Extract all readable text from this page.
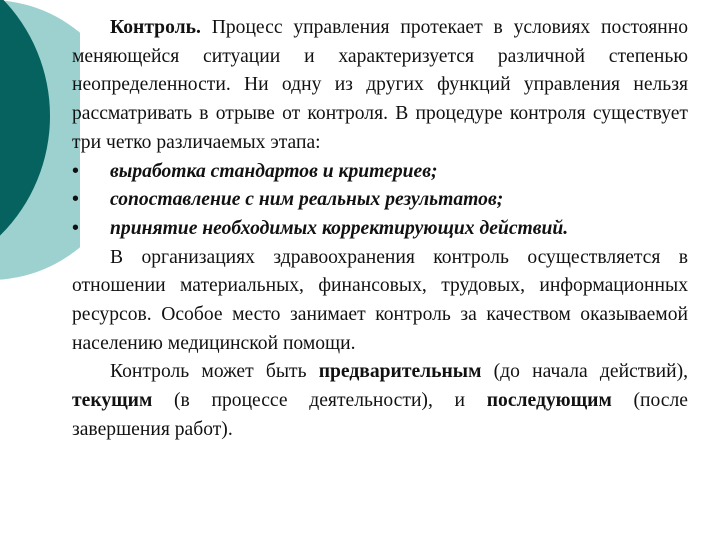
Контроль. Процесс управления протекает в условиях постоянно меняющейся ситуации и характеризуется различной степенью неопределенности. Ни одну из других функций управления нельзя рассматривать в отрыве от контроля. В процедуре контроля существует три четко различаемых этапа:

• выработка стандартов и критериев;
• сопоставление с ним реальных результатов;
• принятие необходимых корректирующих действий.

В организациях здравоохранения контроль осуществляется в отношении материальных, финансовых, трудовых, информационных ресурсов. Особое место занимает контроль за качеством оказываемой населению медицинской помощи.

Контроль может быть предварительным (до начала действий), текущим (в процессе деятельности), и последующим (после завершения работ).
